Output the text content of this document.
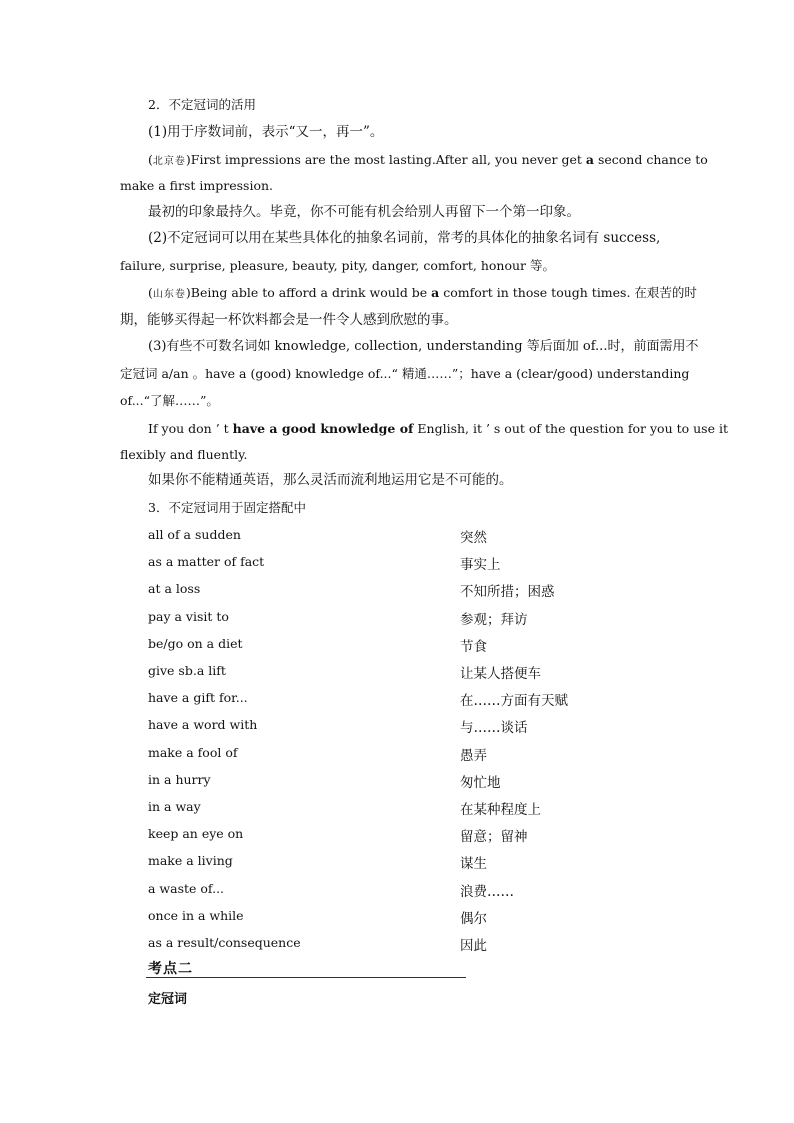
2．不定冠词的活用
(1)用于序数词前，表示“又一，再一”。
(北京卷)First impressions are the most lasting.After all, you never get a second chance to
make a first impression.
最初的印象最持久。毕竟，你不可能有机会给别人再留下一个第一印象。
(2)不定冠词可以用在某些具体化的抽象名词前，常考的具体化的抽象名词有 success,
failure, surprise, pleasure, beauty, pity, danger, comfort, honour 等。
(山东卷)Being able to afford a drink would be a comfort in those tough times. 在艰苦的时
期，能够买得起一杯饮料都会是一件令人感到欣慰的事。
(3)有些不可数名词如 knowledge, collection, understanding 等后面加 of...时，前面需用不
定冠词 a/an 。have a (good) knowledge of...“ 精通……”；have a (clear/good) understanding
of...“了解……”。
If you don ’ t have a good knowledge of English, it ’ s out of the question for you to use it
flexibly and fluently.
如果你不能精通英语，那么灵活而流利地运用它是不可能的。
3．不定冠词用于固定搭配中
all of a sudden	突然
as a matter of fact	事实上
at a loss	不知所措；困惑
pay a visit to	参观；拜访
be/go on a diet	节食
give sb.a lift	让某人搭便车
have a gift for...	在……方面有天赋
have a word with	与……谈话
make a fool of	愚弄
in a hurry	匆忙地
in a way	在某种程度上
keep an eye on	留意；留神
make a living	谋生
a waste of...	浪费……
once in a while	偶尔
as a result/consequence	因此
考点二
定冠词
